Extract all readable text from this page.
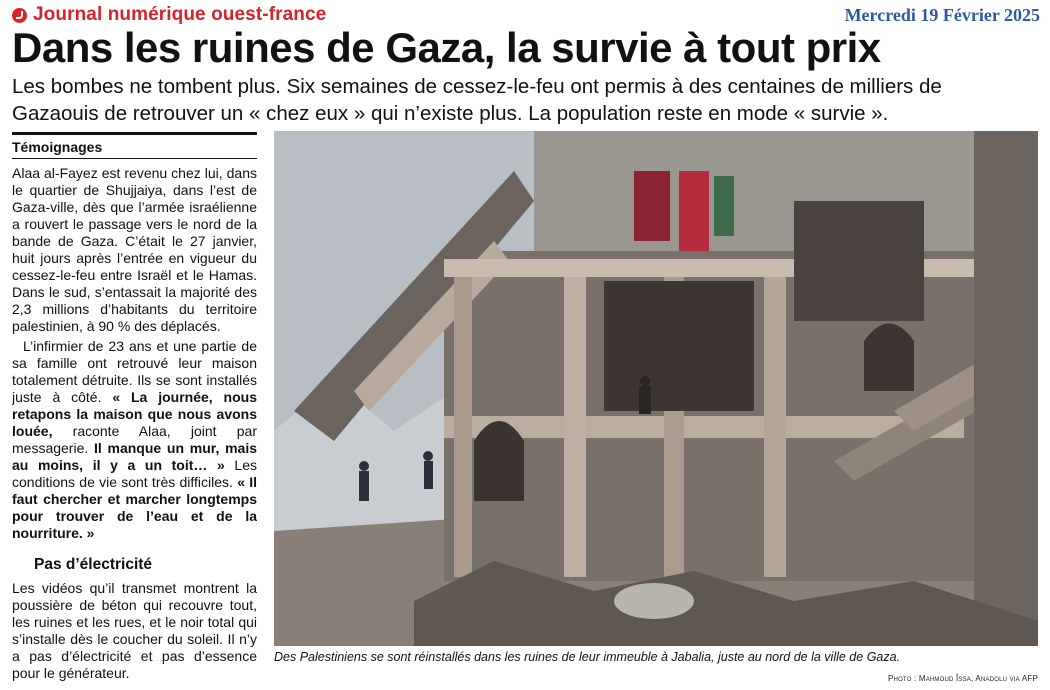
Journal numérique ouest-france	Mercredi 19 Février 2025
Dans les ruines de Gaza, la survie à tout prix

Les bombes ne tombent plus. Six semaines de cessez-le-feu ont permis à des centaines de milliers de Gazaouis de retrouver un « chez eux » qui n’existe plus. La population reste en mode « survie ».

Témoignages

Alaa al-Fayez est revenu chez lui, dans le quartier de Shujjaiya, dans l’est de Gaza-ville, dès que l’armée israélienne a rouvert le passage vers le nord de la bande de Gaza. C’était le 27 janvier, huit jours après l’entrée en vigueur du cessez-le-feu entre Israël et le Hamas. Dans le sud, s’entassait la majorité des 2,3 millions d’habitants du territoire palestinien, à 90 % des déplacés.

L’infirmier de 23 ans et une partie de sa famille ont retrouvé leur maison totalement détruite. Ils se sont installés juste à côté. « La journée, nous retapons la maison que nous avons louée, raconte Alaa, joint par messagerie. Il manque un mur, mais au moins, il y a un toit… » Les conditions de vie sont très difficiles. « Il faut chercher et marcher longtemps pour trouver de l’eau et de la nourriture. »

Pas d’électricité

Les vidéos qu’il transmet montrent la poussière de béton qui recouvre tout, les ruines et les rues, et le noir total qui s’installe dès le coucher du soleil. Il n’y a pas d’électricité et pas d’essence pour le générateur.

Des Palestiniens se sont réinstallés dans les ruines de leur immeuble à Jabalia, juste au nord de la ville de Gaza.
Photo : Mahmoud Îssa, Anadolu via AFP
